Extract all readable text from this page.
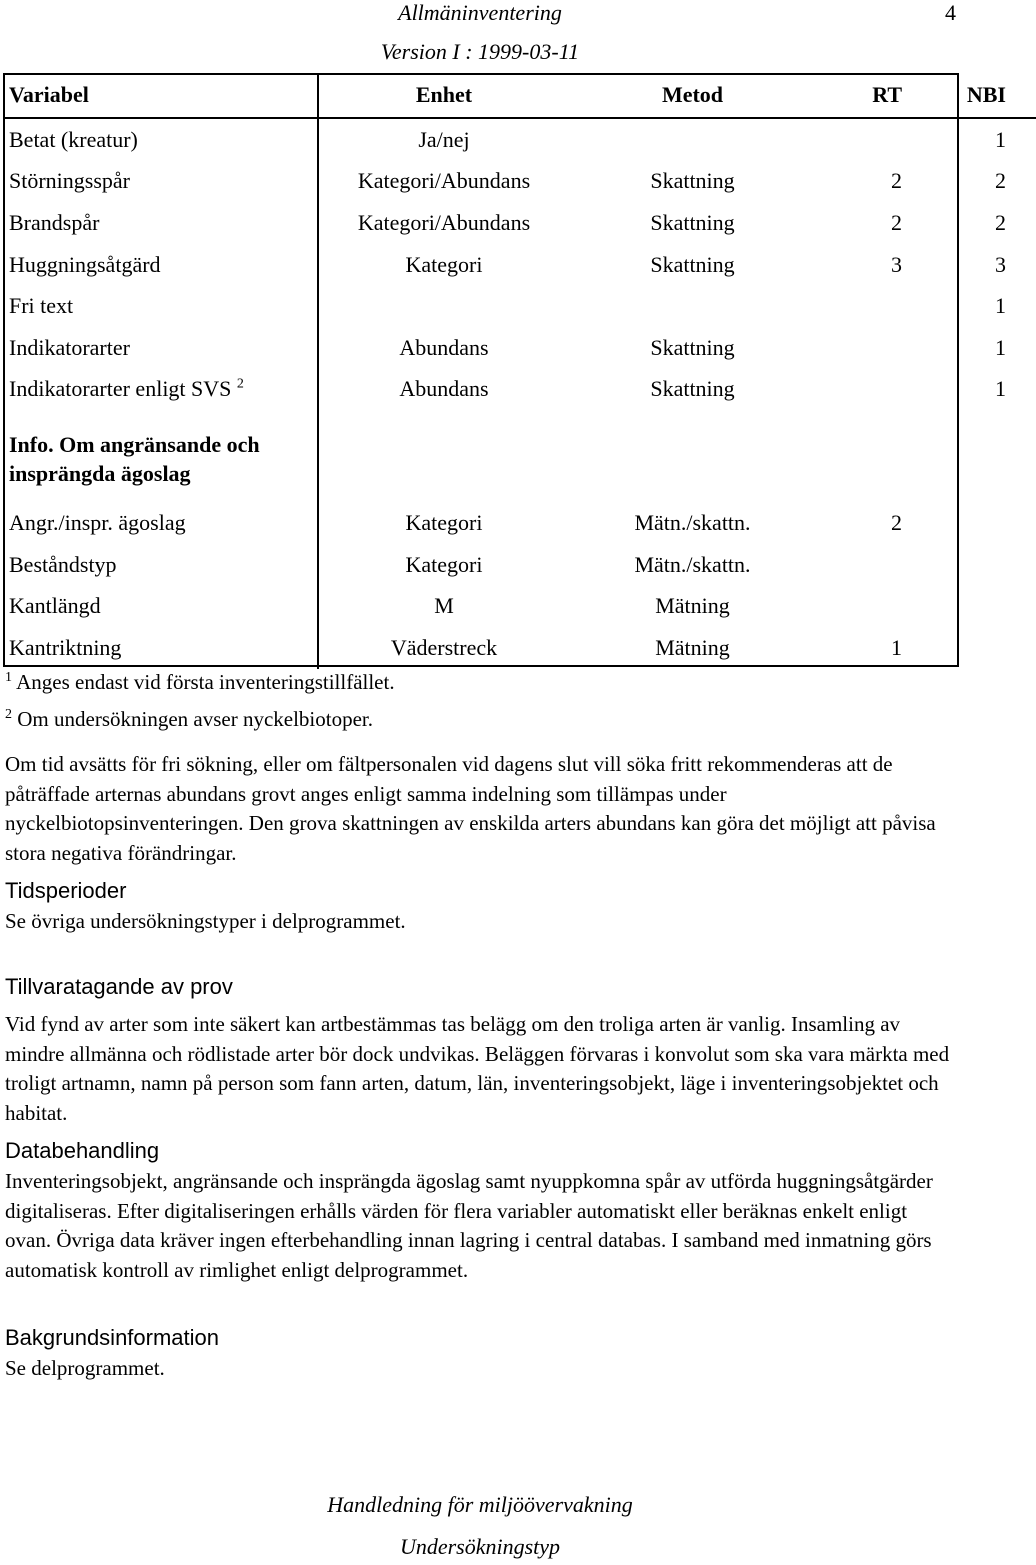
Allmäninventering
Version I : 1999-03-11
4
Variabel	Enhet	Metod	RT	NBI
Betat (kreatur)	Ja/nej			1
Störningsspår	Kategori/Abundans	Skattning	2	2
Brandspår	Kategori/Abundans	Skattning	2	2
Huggningsåtgärd	Kategori	Skattning	3	3
Fri text				1
Indikatorarter	Abundans	Skattning		1
Indikatorarter enligt SVS $^2$	Abundans	Skattning		1
Info. Om angränsande och insprängda ägoslag				
Angr./inspr. ägoslag	Kategori	Mätn./skattn.	2	
Beståndstyp	Kategori	Mätn./skattn.		
Kantlängd	M	Mätning		
Kantriktning	Väderstreck	Mätning	1	
$^1$ Anges endast vid första inventeringstillfället.
$^2$ Om undersökningen avser nyckelbiotoper.
Om tid avsätts för fri sökning, eller om fältpersonalen vid dagens slut vill söka fritt rekommenderas att de påträffade arternas abundans grovt anges enligt samma indelning som tillämpas under nyckelbiotopsinventeringen. Den grova skattningen av enskilda arters abundans kan göra det möjligt att påvisa stora negativa förändringar.
Tidsperioder
Se övriga undersökningstyper i delprogrammet.
Tillvaratagande av prov
Vid fynd av arter som inte säkert kan artbestämmas tas belägg om den troliga arten är vanlig. Insamling av mindre allmänna och rödlistade arter bör dock undvikas. Beläggen förvaras i konvolut som ska vara märkta med troligt artnamn, namn på person som fann arten, datum, län, inventeringsobjekt, läge i inventeringsobjektet och habitat.
Databehandling
Inventeringsobjekt, angränsande och insprängda ägoslag samt nyuppkomna spår av utförda huggningsåtgärder digitaliseras. Efter digitaliseringen erhålls värden för flera variabler automatiskt eller beräknas enkelt enligt ovan. Övriga data kräver ingen efterbehandling innan lagring i central databas. I samband med inmatning görs automatisk kontroll av rimlighet enligt delprogrammet.
Bakgrundsinformation
Se delprogrammet.
Handledning för miljöövervakning
Undersökningstyp
